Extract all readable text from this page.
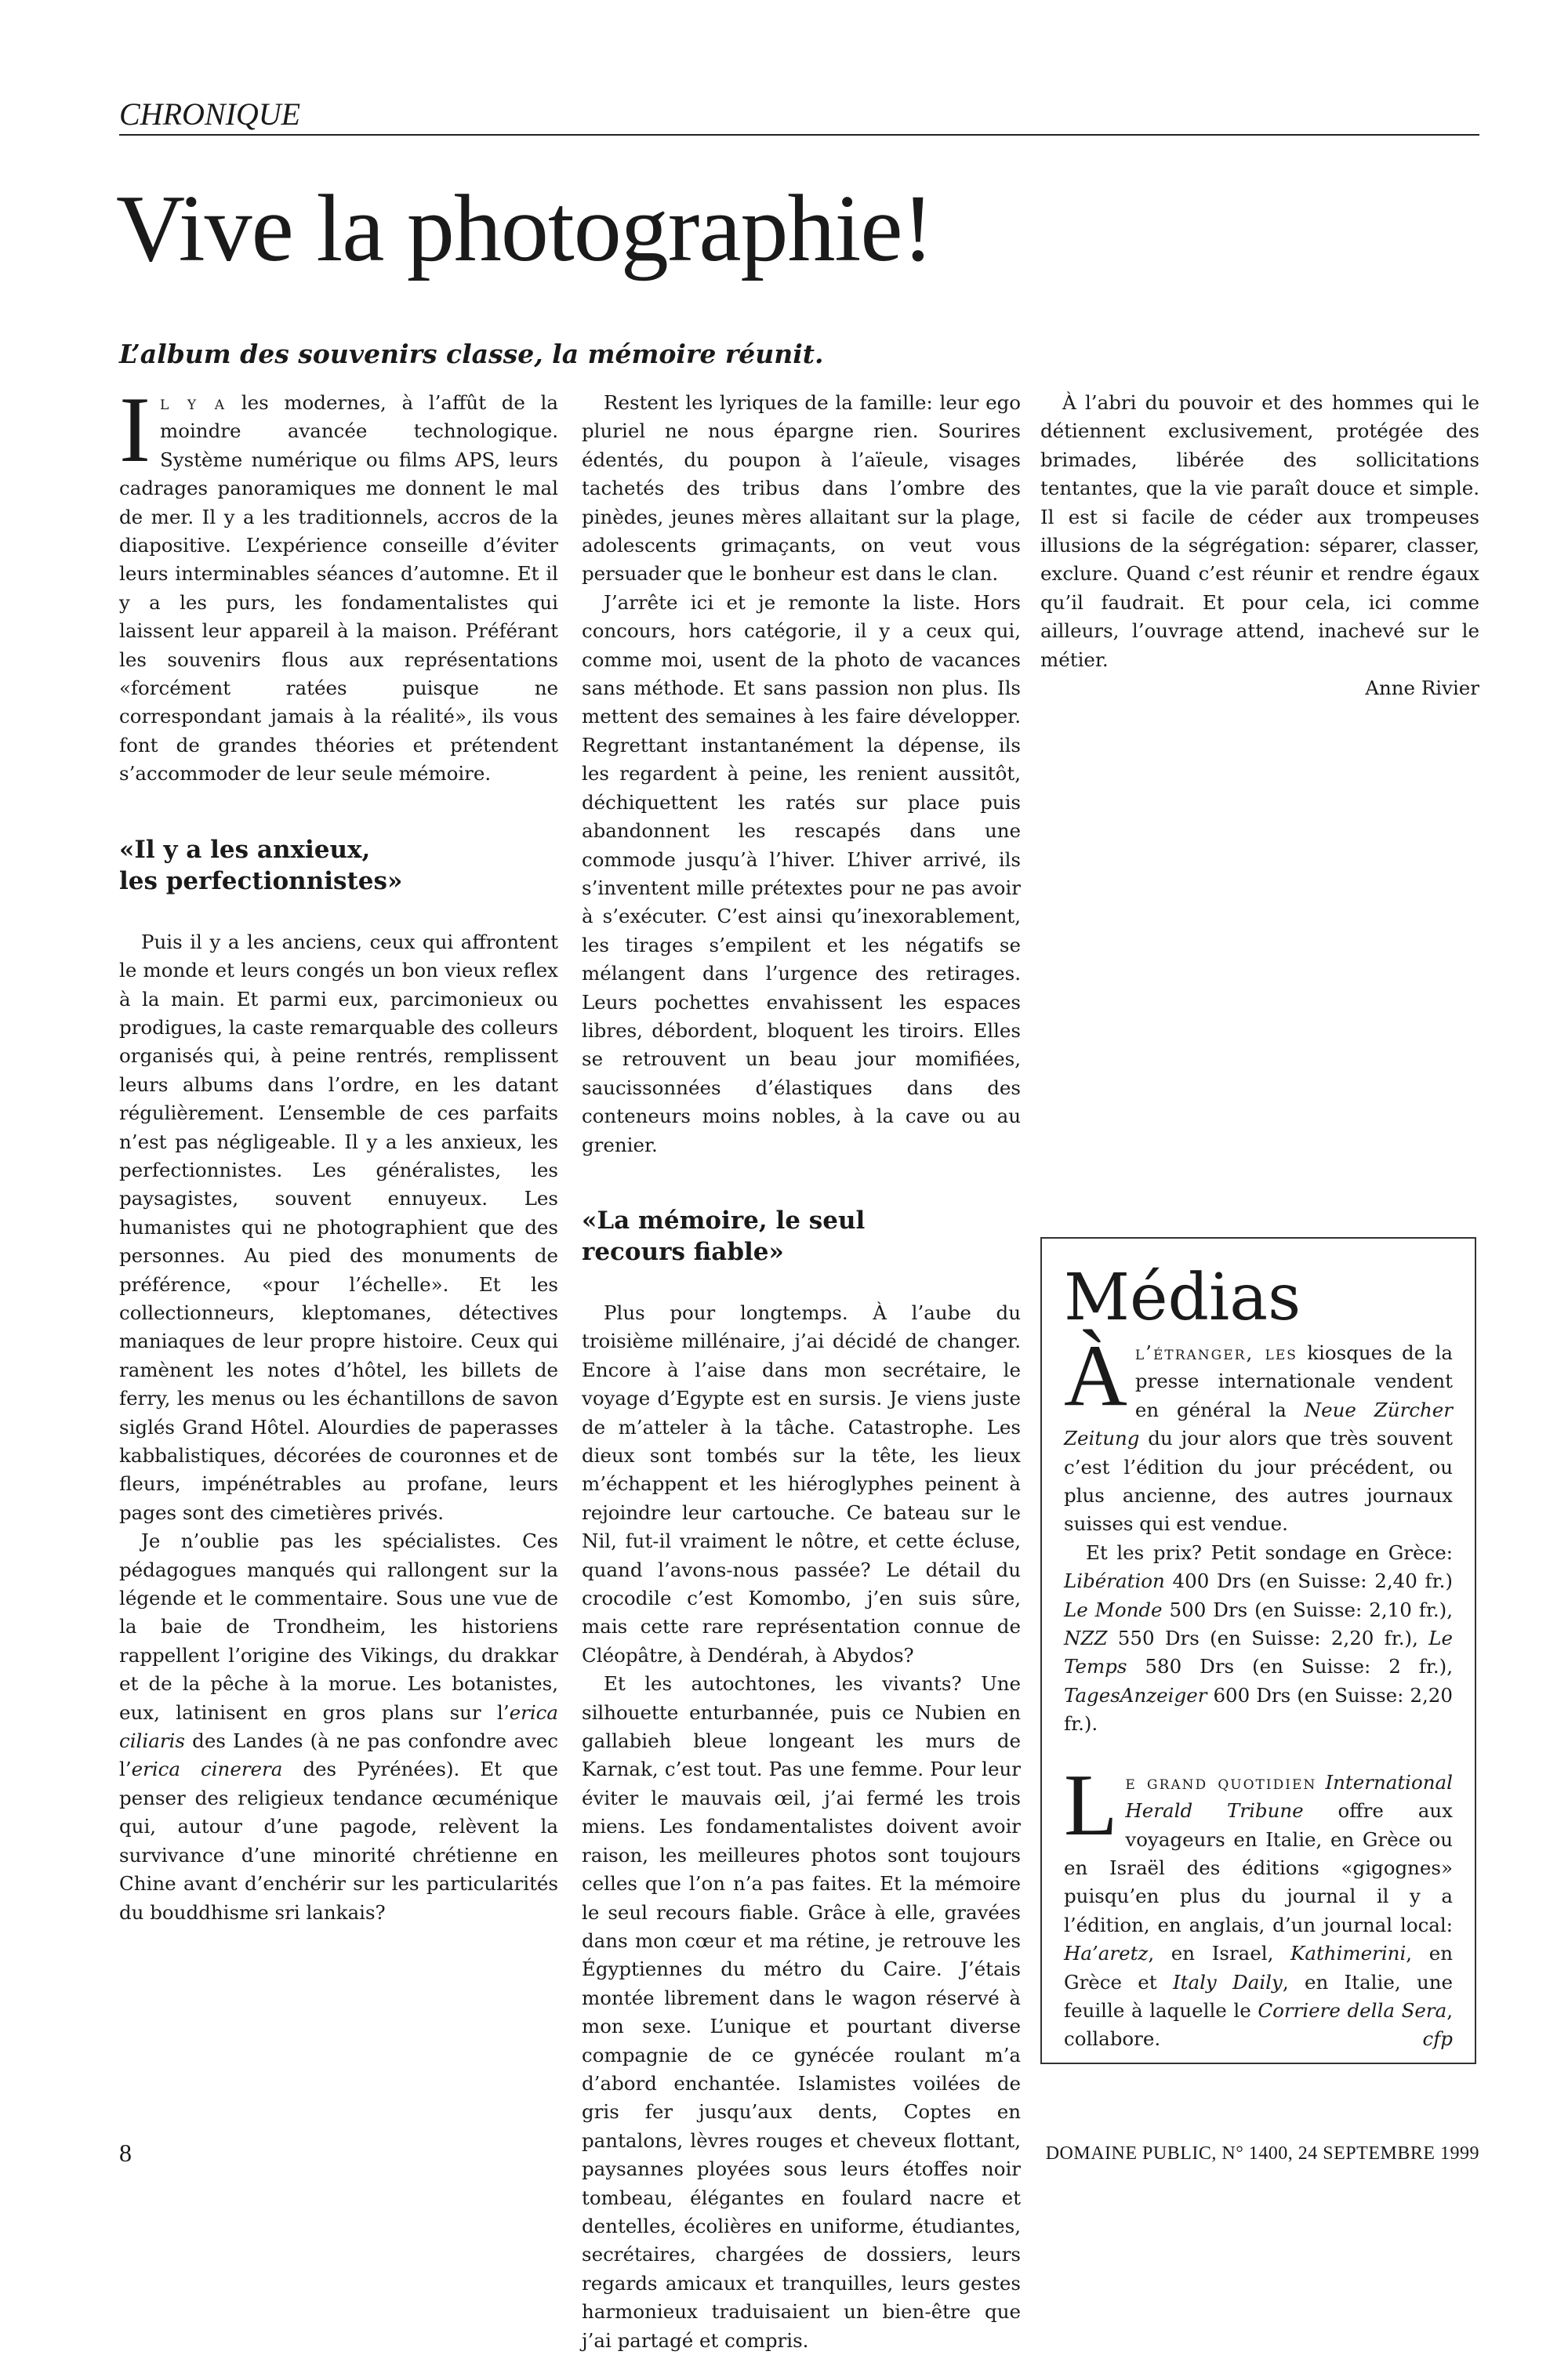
CHRONIQUE
Vive la photographie!

L’album des souvenirs classe, la mémoire réunit.

Il y a les modernes, à l’affût de la moindre avancée technologique. Système numérique ou films APS, leurs cadrages panoramiques me donnent le mal de mer. Il y a les traditionnels, accros de la diapositive. L’expérience conseille d’éviter leurs interminables séances d’automne. Et il y a les purs, les fondamentalistes qui laissent leur appareil à la maison. Préférant les souvenirs flous aux représentations «forcément ratées puisque ne correspondant jamais à la réalité», ils vous font de grandes théories et prétendent s’accommoder de leur seule mémoire.

«Il y a les anxieux,
les perfectionnistes»

Puis il y a les anciens, ceux qui affrontent le monde et leurs congés un bon vieux reflex à la main. Et parmi eux, parcimonieux ou prodigues, la caste remarquable des colleurs organisés qui, à peine rentrés, remplissent leurs albums dans l’ordre, en les datant régulièrement. L’ensemble de ces parfaits n’est pas négligeable. Il y a les anxieux, les perfectionnistes. Les généralistes, les paysagistes, souvent ennuyeux. Les humanistes qui ne photographient que des personnes. Au pied des monuments de préférence, «pour l’échelle». Et les collectionneurs, kleptomanes, détectives maniaques de leur propre histoire. Ceux qui ramènent les notes d’hôtel, les billets de ferry, les menus ou les échantillons de savon siglés Grand Hôtel. Alourdies de paperasses kabbalistiques, décorées de couronnes et de fleurs, impénétrables au profane, leurs pages sont des cimetières privés.

Je n’oublie pas les spécialistes. Ces pédagogues manqués qui rallongent sur la légende et le commentaire. Sous une vue de la baie de Trondheim, les historiens rappellent l’origine des Vikings, du drakkar et de la pêche à la morue. Les botanistes, eux, latinisent en gros plans sur l’erica ciliaris des Landes (à ne pas confondre avec l’erica cinerera des Pyrénées). Et que penser des religieux tendance œcuménique qui, autour d’une pagode, relèvent la survivance d’une minorité chrétienne en Chine avant d’enchérir sur les particularités du bouddhisme sri lankais?

Restent les lyriques de la famille: leur ego pluriel ne nous épargne rien. Sourires édentés, du poupon à l’aïeule, visages tachetés des tribus dans l’ombre des pinèdes, jeunes mères allaitant sur la plage, adolescents grimaçants, on veut vous persuader que le bonheur est dans le clan.

J’arrête ici et je remonte la liste. Hors concours, hors catégorie, il y a ceux qui, comme moi, usent de la photo de vacances sans méthode. Et sans passion non plus. Ils mettent des semaines à les faire développer. Regrettant instantanément la dépense, ils les regardent à peine, les renient aussitôt, déchiquettent les ratés sur place puis abandonnent les rescapés dans une commode jusqu’à l’hiver. L’hiver arrivé, ils s’inventent mille prétextes pour ne pas avoir à s’exécuter. C’est ainsi qu’inexorablement, les tirages s’empilent et les négatifs se mélangent dans l’urgence des retirages. Leurs pochettes envahissent les espaces libres, débordent, bloquent les tiroirs. Elles se retrouvent un beau jour momifiées, saucissonnées d’élastiques dans des conteneurs moins nobles, à la cave ou au grenier.

«La mémoire, le seul
recours fiable»

Plus pour longtemps. À l’aube du troisième millénaire, j’ai décidé de changer. Encore à l’aise dans mon secrétaire, le voyage d’Egypte est en sursis. Je viens juste de m’atteler à la tâche. Catastrophe. Les dieux sont tombés sur la tête, les lieux m’échappent et les hiéroglyphes peinent à rejoindre leur cartouche. Ce bateau sur le Nil, fut-il vraiment le nôtre, et cette écluse, quand l’avons-nous passée? Le détail du crocodile c’est Komombo, j’en suis sûre, mais cette rare représentation connue de Cléopâtre, à Dendérah, à Abydos?

Et les autochtones, les vivants? Une silhouette enturbannée, puis ce Nubien en gallabieh bleue longeant les murs de Karnak, c’est tout. Pas une femme. Pour leur éviter le mauvais œil, j’ai fermé les trois miens. Les fondamentalistes doivent avoir raison, les meilleures photos sont toujours celles que l’on n’a pas faites. Et la mémoire le seul recours fiable. Grâce à elle, gravées dans mon cœur et ma rétine, je retrouve les Égyptiennes du métro du Caire. J’étais montée librement dans le wagon réservé à mon sexe. L’unique et pourtant diverse compagnie de ce gynécée roulant m’a d’abord enchantée. Islamistes voilées de gris fer jusqu’aux dents, Coptes en pantalons, lèvres rouges et cheveux flottant, paysannes ployées sous leurs étoffes noir tombeau, élégantes en foulard nacre et dentelles, écolières en uniforme, étudiantes, secrétaires, chargées de dossiers, leurs regards amicaux et tranquilles, leurs gestes harmonieux traduisaient un bien-être que j’ai partagé et compris.

À l’abri du pouvoir et des hommes qui le détiennent exclusivement, protégée des brimades, libérée des sollicitations tentantes, que la vie paraît douce et simple. Il est si facile de céder aux trompeuses illusions de la ségrégation: séparer, classer, exclure. Quand c’est réunir et rendre égaux qu’il faudrait. Et pour cela, ici comme ailleurs, l’ouvrage attend, inachevé sur le métier.

Anne Rivier
Médias

Àl’étranger, les kiosques de la presse internationale vendent en général la Neue Zürcher Zeitung du jour alors que très souvent c’est l’édition du jour précédent, ou plus ancienne, des autres journaux suisses qui est vendue.

Et les prix? Petit sondage en Grèce: Libération 400 Drs (en Suisse: 2,40 fr.) Le Monde 500 Drs (en Suisse: 2,10 fr.), NZZ 550 Drs (en Suisse: 2,20 fr.), Le Temps 580 Drs (en Suisse: 2 fr.), TagesAnzeiger 600 Drs (en Suisse: 2,20 fr.).

Le grand quotidien International Herald Tribune offre aux voyageurs en Italie, en Grèce ou en Israël des éditions «gigognes» puisqu’en plus du journal il y a l’édition, en anglais, d’un journal local: Ha’aretz, en Israel, Kathimerini, en Grèce et Italy Daily, en Italie, une feuille à laquelle le Corriere della Sera, collabore.	cfp

8	DOMAINE PUBLIC, N° 1400, 24 SEPTEMBRE 1999
